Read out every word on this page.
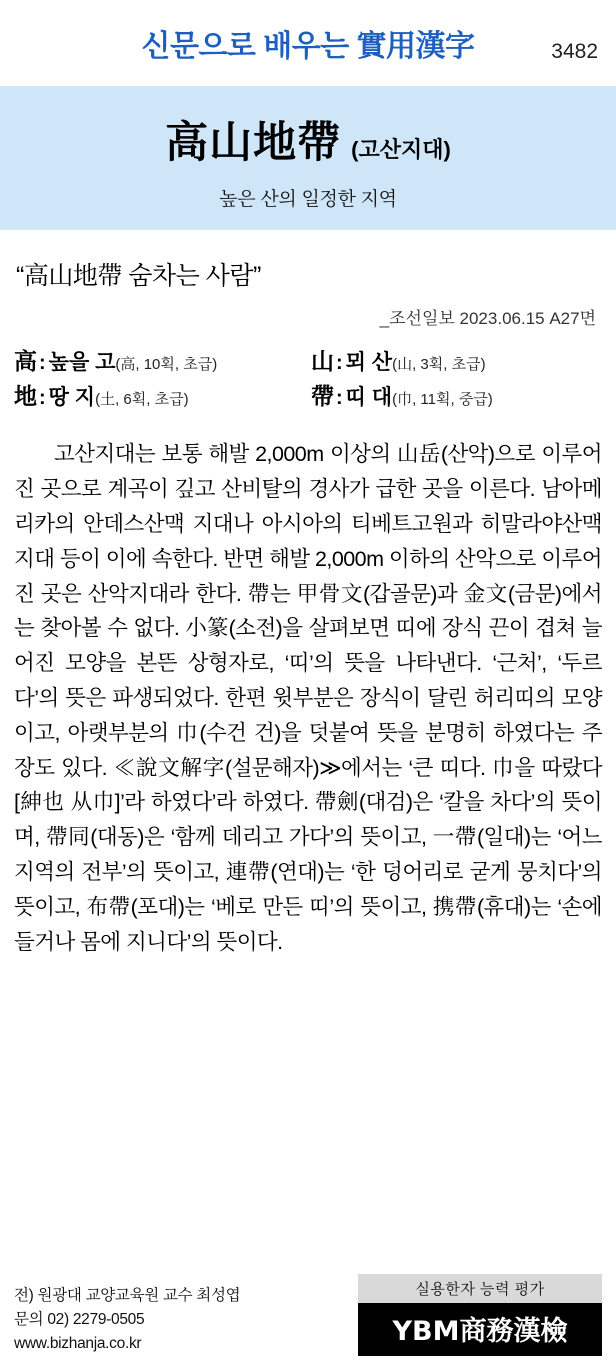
신문으로 배우는 實用漢字	3482
高山地帶 (고산지대)
높은 산의 일정한 지역
“高山地帶 숨차는 사람”
_조선일보 2023.06.15 A27면
高 : 높을 고(高, 10획, 초급)	山 : 뫼 산(山, 3획, 초급)
地 : 땅 지(土, 6획, 초급)	帶 : 띠 대(巾, 11획, 중급)
고산지대는 보통 해발 2,000m 이상의 山岳(산악)으로 이루어진 곳으로 계곡이 깊고 산비탈의 경사가 급한 곳을 이른다. 남아메리카의 안데스산맥 지대나 아시아의 티베트고원과 히말라야산맥 지대 등이 이에 속한다. 반면 해발 2,000m 이하의 산악으로 이루어진 곳은 산악지대라 한다. 帶는 甲骨文(갑골문)과 金文(금문)에서는 찾아볼 수 없다. 小篆(소전)을 살펴보면 띠에 장식 끈이 겹쳐 늘어진 모양을 본뜬 상형자로, ‘띠’의 뜻을 나타낸다. ‘근처’, ‘두르다’의 뜻은 파생되었다. 한편 윗부분은 장식이 달린 허리띠의 모양이고, 아랫부분의 巾(수건 건)을 덧붙여 뜻을 분명히 하였다는 주장도 있다. ≪說文解字(설문해자)≫에서는 ‘큰 띠다. 巾을 따랐다[紳也 从巾]’라 하였다’라 하였다. 帶劍(대검)은 ‘칼을 차다’의 뜻이며, 帶同(대동)은 ‘함께 데리고 가다’의 뜻이고, 一帶(일대)는 ‘어느 지역의 전부’의 뜻이고, 連帶(연대)는 ‘한 덩어리로 굳게 뭉치다’의 뜻이고, 布帶(포대)는 ‘베로 만든 띠’의 뜻이고, 携帶(휴대)는 ‘손에 들거나 몸에 지니다’의 뜻이다.
전) 원광대 교양교육원 교수 최성엽
문의 02) 2279-0505
www.bizhanja.co.kr
실용한자 능력 평가
YBM商務漢檢
